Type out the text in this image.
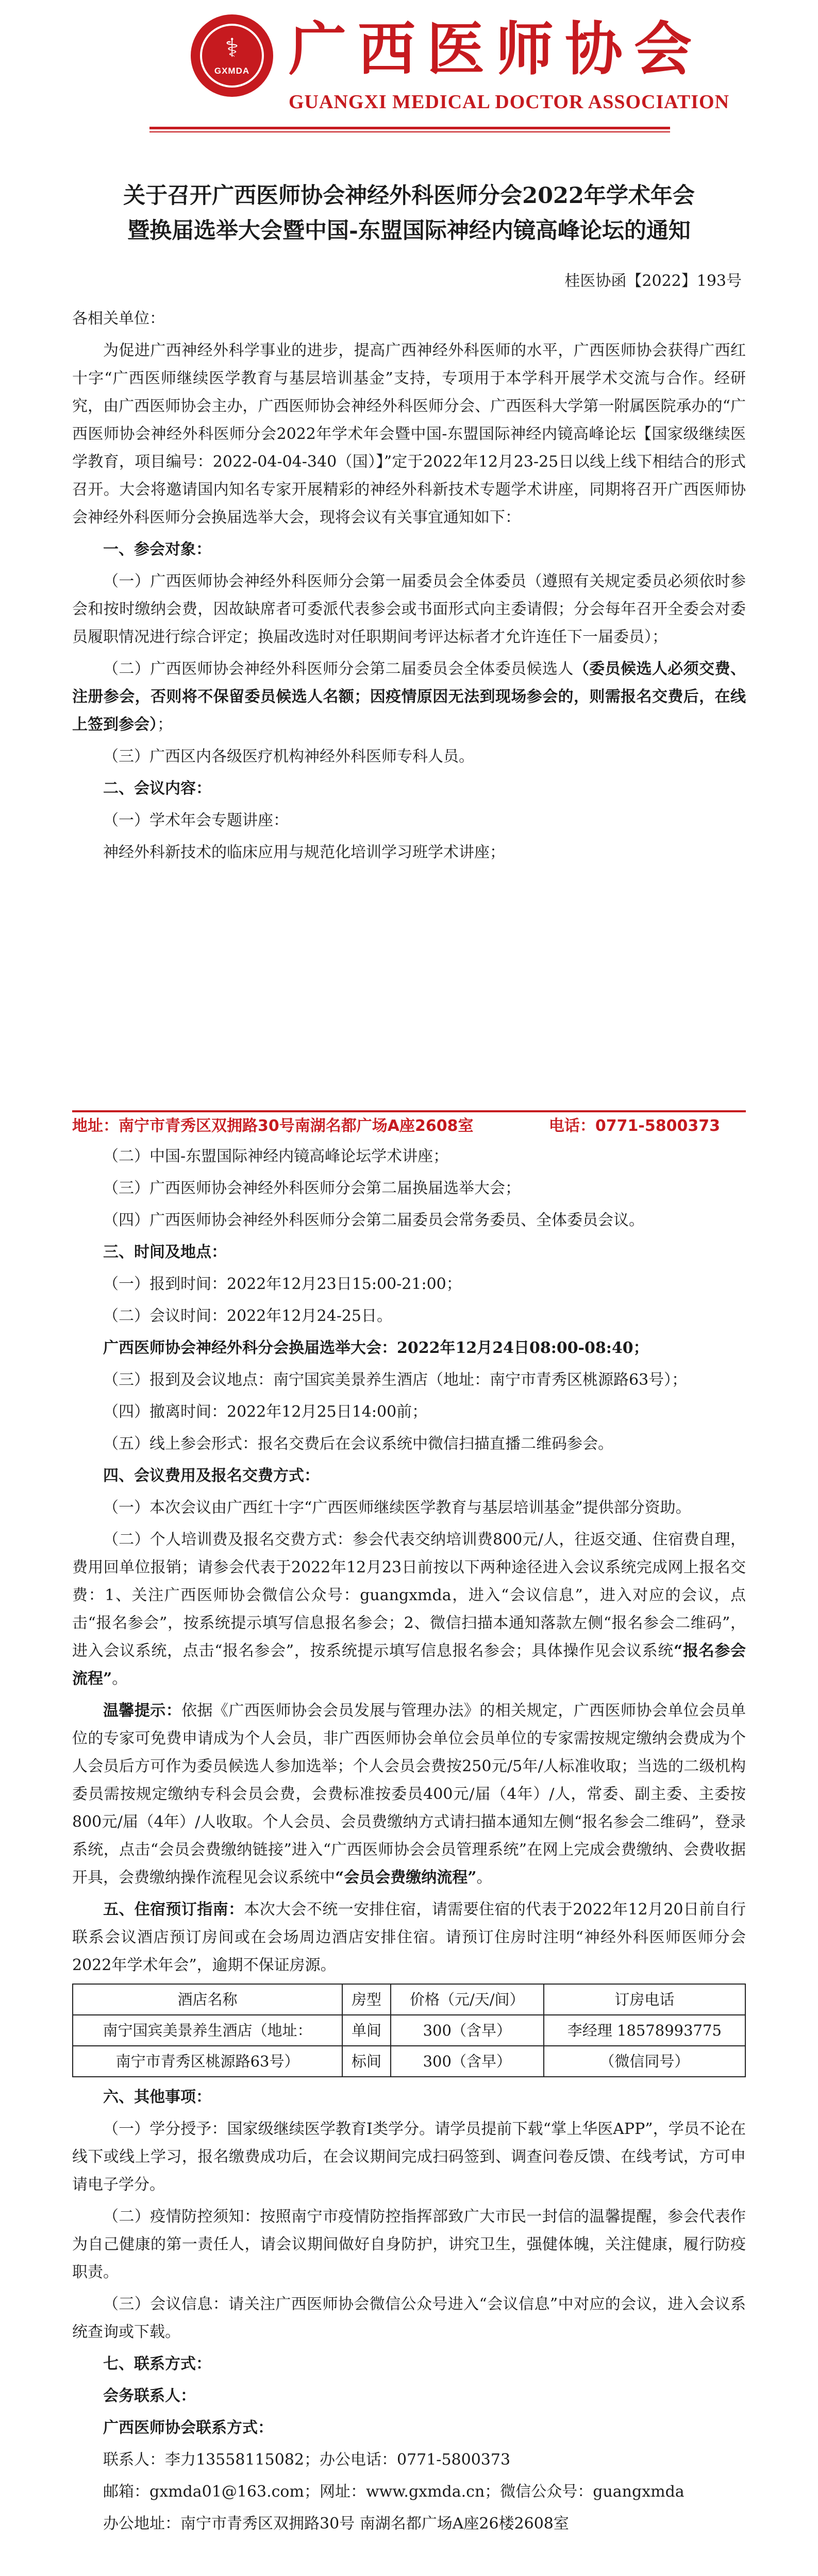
⚕
GXMDA 广西医师协会
GUANGXI MEDICAL DOCTOR ASSOCIATION
关于召开广西医师协会神经外科医师分会2022年学术年会
暨换届选举大会暨中国-东盟国际神经内镜高峰论坛的通知
桂医协函【2022】193号

各相关单位：

为促进广西神经外科学事业的进步，提高广西神经外科医师的水平，广西医师协会获得广西红十字“广西医师继续医学教育与基层培训基金”支持，专项用于本学科开展学术交流与合作。经研究，由广西医师协会主办，广西医师协会神经外科医师分会、广西医科大学第一附属医院承办的“广西医师协会神经外科医师分会2022年学术年会暨中国-东盟国际神经内镜高峰论坛【国家级继续医学教育，项目编号：2022-04-04-340（国）】”定于2022年12月23-25日以线上线下相结合的形式召开。大会将邀请国内知名专家开展精彩的神经外科新技术专题学术讲座，同期将召开广西医师协会神经外科医师分会换届选举大会，现将会议有关事宜通知如下：

一、参会对象：

（一）广西医师协会神经外科医师分会第一届委员会全体委员（遵照有关规定委员必须依时参会和按时缴纳会费，因故缺席者可委派代表参会或书面形式向主委请假；分会每年召开全委会对委员履职情况进行综合评定；换届改选时对任职期间考评达标者才允许连任下一届委员）；

（二）广西医师协会神经外科医师分会第二届委员会全体委员候选人（委员候选人必须交费、注册参会，否则将不保留委员候选人名额；因疫情原因无法到现场参会的，则需报名交费后，在线上签到参会）；

（三）广西区内各级医疗机构神经外科医师专科人员。

二、会议内容：

（一）学术年会专题讲座：

神经外科新技术的临床应用与规范化培训学习班学术讲座；

地址：南宁市青秀区双拥路30号南湖名都广场A座2608室	电话：0771-5800373

（二）中国-东盟国际神经内镜高峰论坛学术讲座；

（三）广西医师协会神经外科医师分会第二届换届选举大会；

（四）广西医师协会神经外科医师分会第二届委员会常务委员、全体委员会议。

三、时间及地点：

（一）报到时间：2022年12月23日15:00-21:00；

（二）会议时间：2022年12月24-25日。

广西医师协会神经外科分会换届选举大会：2022年12月24日08:00-08:40；

（三）报到及会议地点：南宁国宾美景养生酒店（地址：南宁市青秀区桃源路63号）；

（四）撤离时间：2022年12月25日14:00前；

（五）线上参会形式：报名交费后在会议系统中微信扫描直播二维码参会。

四、会议费用及报名交费方式：

（一）本次会议由广西红十字“广西医师继续医学教育与基层培训基金”提供部分资助。

（二）个人培训费及报名交费方式：参会代表交纳培训费800元/人，往返交通、住宿费自理，费用回单位报销；请参会代表于2022年12月23日前按以下两种途径进入会议系统完成网上报名交费：1、关注广西医师协会微信公众号：guangxmda，进入“会议信息”，进入对应的会议，点击“报名参会”，按系统提示填写信息报名参会；2、微信扫描本通知落款左侧“报名参会二维码”，进入会议系统，点击“报名参会”，按系统提示填写信息报名参会；具体操作见会议系统“报名参会流程”。

温馨提示：依据《广西医师协会会员发展与管理办法》的相关规定，广西医师协会单位会员单位的专家可免费申请成为个人会员，非广西医师协会单位会员单位的专家需按规定缴纳会费成为个人会员后方可作为委员候选人参加选举；个人会员会费按250元/5年/人标准收取；当选的二级机构委员需按规定缴纳专科会员会费，会费标准按委员400元/届（4年）/人，常委、副主委、主委按800元/届（4年）/人收取。个人会员、会员费缴纳方式请扫描本通知左侧“报名参会二维码”，登录系统，点击“会员会费缴纳链接”进入“广西医师协会会员管理系统”在网上完成会费缴纳、会费收据开具，会费缴纳操作流程见会议系统中“会员会费缴纳流程”。

五、住宿预订指南：本次大会不统一安排住宿，请需要住宿的代表于2022年12月20日前自行联系会议酒店预订房间或在会场周边酒店安排住宿。请预订住房时注明“神经外科医师医师分会2022年学术年会”，逾期不保证房源。

酒店名称	房型	价格（元/天/间）	订房电话
南宁国宾美景养生酒店（地址：	单间	300（含早）	李经理 18578993775
南宁市青秀区桃源路63号）	标间	300（含早）	（微信同号）

六、其他事项：

（一）学分授予：国家级继续医学教育I类学分。请学员提前下载“掌上华医APP”，学员不论在线下或线上学习，报名缴费成功后，在会议期间完成扫码签到、调查问卷反馈、在线考试，方可申请电子学分。

（二）疫情防控须知：按照南宁市疫情防控指挥部致广大市民一封信的温馨提醒，参会代表作为自己健康的第一责任人，请会议期间做好自身防护，讲究卫生，强健体魄，关注健康，履行防疫职责。

（三）会议信息：请关注广西医师协会微信公众号进入“会议信息”中对应的会议，进入会议系统查询或下载。

七、联系方式：

会务联系人：

广西医师协会联系方式：

联系人：李力13558115082；办公电话：0771-5800373

邮箱：gxmda01@163.com；网址：www.gxmda.cn；微信公众号：guangxmda

办公地址：南宁市青秀区双拥路30号 南湖名都广场A座26楼2608室
